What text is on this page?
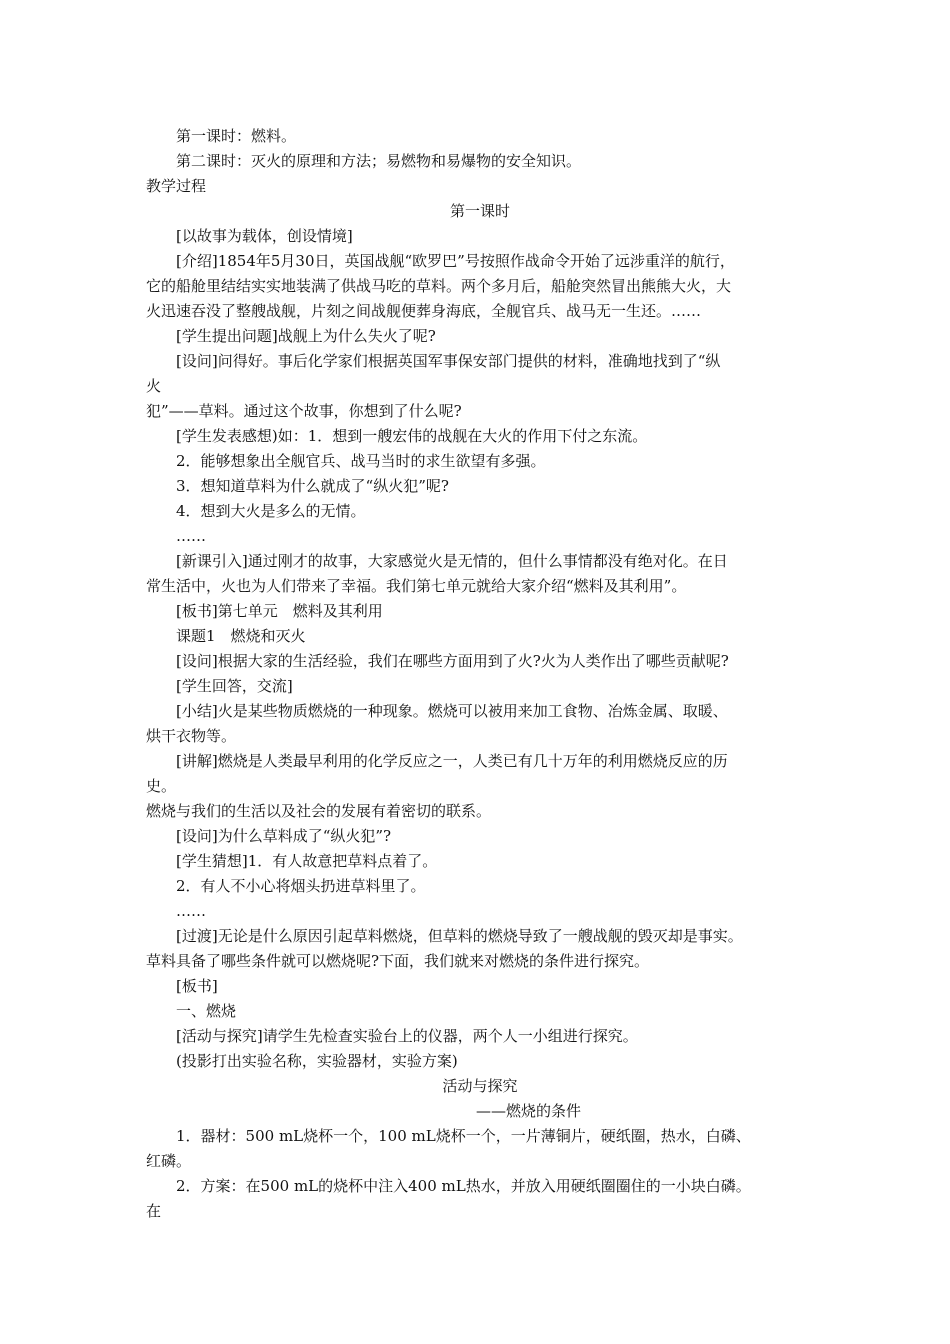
第一课时：燃料。
第二课时：灭火的原理和方法；易燃物和易爆物的安全知识。
教学过程
第一课时
[以故事为载体，创设情境]
[介绍]1854年5月30日，英国战舰“欧罗巴”号按照作战命令开始了远涉重洋的航行，
它的船舱里结结实实地装满了供战马吃的草料。两个多月后，船舱突然冒出熊熊大火，大
火迅速吞没了整艘战舰，片刻之间战舰便葬身海底，全舰官兵、战马无一生还。……
[学生提出问题]战舰上为什么失火了呢?
[设问]问得好。事后化学家们根据英国军事保安部门提供的材料，准确地找到了“纵
火
犯”——草料。通过这个故事，你想到了什么呢?
[学生发表感想)如：1．想到一艘宏伟的战舰在大火的作用下付之东流。
2．能够想象出全舰官兵、战马当时的求生欲望有多强。
3．想知道草料为什么就成了“纵火犯”呢?
4．想到大火是多么的无情。
……
[新课引入]通过刚才的故事，大家感觉火是无情的，但什么事情都没有绝对化。在日
常生活中，火也为人们带来了幸福。我们第七单元就给大家介绍“燃料及其利用”。
[板书]第七单元　燃料及其利用
课题1　燃烧和灭火
[设问]根据大家的生活经验，我们在哪些方面用到了火?火为人类作出了哪些贡献呢?
[学生回答，交流]
[小结]火是某些物质燃烧的一种现象。燃烧可以被用来加工食物、冶炼金属、取暖、
烘干衣物等。
[讲解]燃烧是人类最早利用的化学反应之一，人类已有几十万年的利用燃烧反应的历
史。
燃烧与我们的生活以及社会的发展有着密切的联系。
[设问]为什么草料成了“纵火犯”?
[学生猜想]1．有人故意把草料点着了。
2．有人不小心将烟头扔进草料里了。
……
[过渡]无论是什么原因引起草料燃烧，但草料的燃烧导致了一艘战舰的毁灭却是事实。
草料具备了哪些条件就可以燃烧呢?下面，我们就来对燃烧的条件进行探究。
[板书]
一、燃烧
[活动与探究]请学生先检查实验台上的仪器，两个人一小组进行探究。
(投影打出实验名称，实验器材，实验方案)
活动与探究
——燃烧的条件
1．器材：500 mL烧杯一个，100 mL烧杯一个，一片薄铜片，硬纸圈，热水，白磷、
红磷。
2．方案：在500 mL的烧杯中注入400 mL热水，并放入用硬纸圈圈住的一小块白磷。
在
